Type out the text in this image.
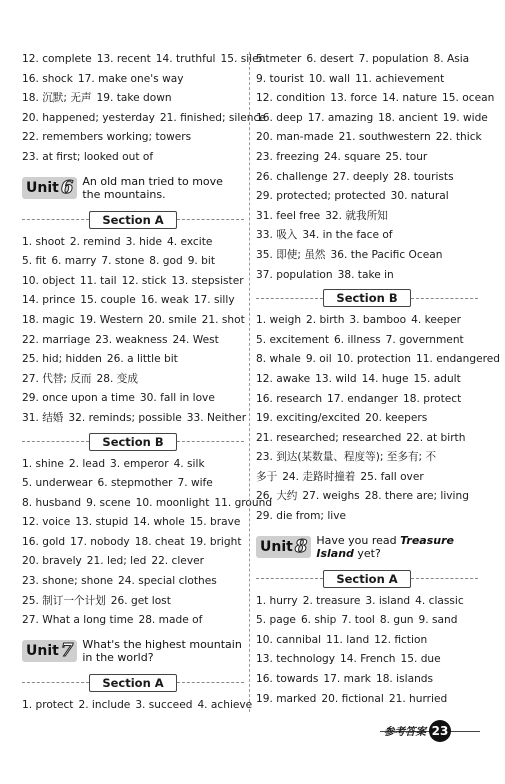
12. complete 13. recent 14. truthful 15. silent
16. shock 17. make one's way
18. 沉默; 无声 19. take down
20. happened; yesterday 21. finished; silence
22. remembers working; towers
23. at first; looked out of
Unit 6 An old man tried to move the mountains.
Section A
1. shoot 2. remind 3. hide 4. excite
5. fit 6. marry 7. stone 8. god 9. bit
10. object 11. tail 12. stick 13. stepsister
14. prince 15. couple 16. weak 17. silly
18. magic 19. Western 20. smile 21. shot
22. marriage 23. weakness 24. West
25. hid; hidden 26. a little bit
27. 代替; 反而 28. 变成
29. once upon a time 30. fall in love
31. 结婚 32. reminds; possible 33. Neither
Section B
1. shine 2. lead 3. emperor 4. silk
5. underwear 6. stepmother 7. wife
8. husband 9. scene 10. moonlight 11. ground
12. voice 13. stupid 14. whole 15. brave
16. gold 17. nobody 18. cheat 19. bright
20. bravely 21. led; led 22. clever
23. shone; shone 24. special clothes
25. 制订一个计划 26. get lost
27. What a long time 28. made of
Unit 7 What's the highest mountain in the world?
Section A
1. protect 2. include 3. succeed 4. achieve
5. meter 6. desert 7. population 8. Asia
9. tourist 10. wall 11. achievement
12. condition 13. force 14. nature 15. ocean
16. deep 17. amazing 18. ancient 19. wide
20. man-made 21. southwestern 22. thick
23. freezing 24. square 25. tour
26. challenge 27. deeply 28. tourists
29. protected; protected 30. natural
31. feel free 32. 就我所知
33. 吸入 34. in the face of
35. 即使; 虽然 36. the Pacific Ocean
37. population 38. take in
Section B
1. weigh 2. birth 3. bamboo 4. keeper
5. excitement 6. illness 7. government
8. whale 9. oil 10. protection 11. endangered
12. awake 13. wild 14. huge 15. adult
16. research 17. endanger 18. protect
19. exciting/excited 20. keepers
21. researched; researched 22. at birth
23. 到达(某数量、程度等); 至多有; 不
多于 24. 走路时撞着 25. fall over
26. 大约 27. weighs 28. there are; living
29. die from; live
Unit 8 Have you read Treasure Island yet?
Section A
1. hurry 2. treasure 3. island 4. classic
5. page 6. ship 7. tool 8. gun 9. sand
10. cannibal 11. land 12. fiction
13. technology 14. French 15. due
16. towards 17. mark 18. islands
19. marked 20. fictional 21. hurried
参考答案 23
